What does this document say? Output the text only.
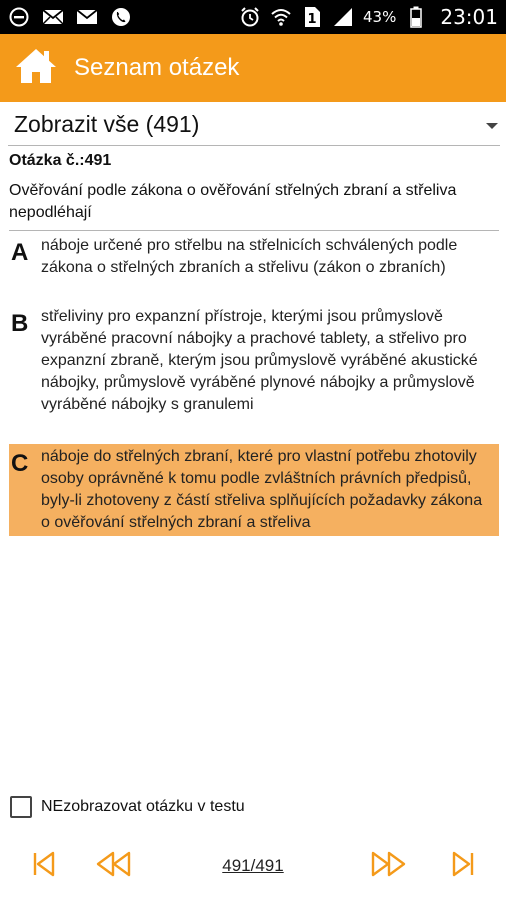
1	43% 23:01
Seznam otázek
Zobrazit vše (491)
Otázka č.:491
Ověřování podle zákona o ověřování střelných zbraní a střeliva nepodléhají
A náboje určené pro střelbu na střelnicích schválených podle zákona o střelných zbraních a střelivu (zákon o zbraních)
B střeliviny pro expanzní přístroje, kterými jsou průmyslově vyráběné pracovní nábojky a prachové tablety, a střelivo pro expanzní zbraně, kterým jsou průmyslově vyráběné akustické nábojky, průmyslově vyráběné plynové nábojky a průmyslově vyráběné nábojky s granulemi
C náboje do střelných zbraní, které pro vlastní potřebu zhotovily osoby oprávněné k tomu podle zvláštních právních předpisů, byly-li zhotoveny z částí střeliva splňujících požadavky zákona o ověřování střelných zbraní a střeliva
NEzobrazovat otázku v testu
491/491
